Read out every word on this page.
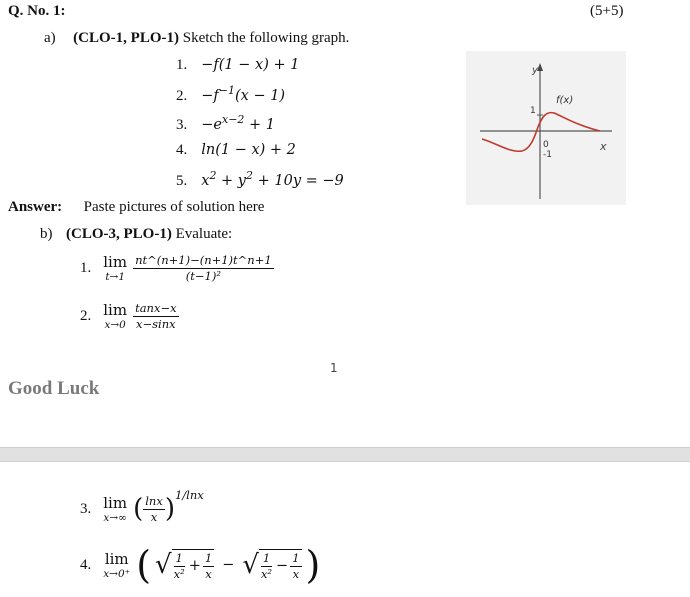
Q. No. 1:	(5+5)
a) (CLO-1, PLO-1) Sketch the following graph.
1. −f(1 − x) + 1
2. $-f^{-1}(x - 1)$
3. $-e^{x-2} + 1$
4. ln(1 − x) + 2
5. $x^2 + y^2 + 10y = -9$
y
x
f(x)
1
0
-1
Answer: Paste pictures of solution here
b) (CLO-3, PLO-1) Evaluate:
1. lim
t→1
$\frac{nt\^{}(n+1)-(n+1)t\^{}n+1}{\text{(t−1)²}}$
2. lim
x→0
$\frac{\tan x-x}{x-\sin x}$
1
Good Luck
3. lim
x→∞ ( $\frac{\ln x}{x} )^{1/lnx}$
4. lim
x→0⁺ ( √ $\frac{1}{\text{x²}} + \frac{1}{x}$ − √ $\frac{1}{\text{x²}} - \frac{1}{x}$ )
